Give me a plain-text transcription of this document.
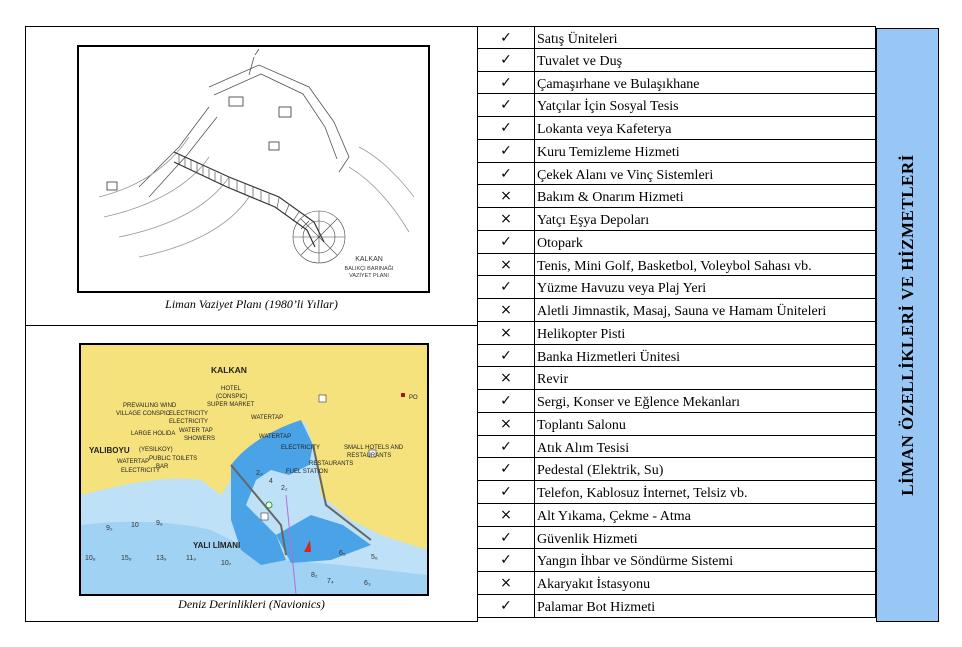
KALKAN
BALIKÇI BARINAĞI
VAZİYET PLANI
Liman Vaziyet Planı (1980’li Yıllar)
9₂	10 9₉
15₈	13₉	11₉
10₈
10₇
6₅
5₆
7₄	6₃
2₃
4
2₂
8₂
KALKAN
HOTEL
(CONSPIC)
SUPER MARKET
PO
PREVAILING WIND
VILLAGE CONSPIC
ELECTRICITY
ELECTRICITY
WATERTAP
LARGE HOLIDA WATER TAP
SHOWERS	WATERTAP
ELECTRICITY	SMALL HOTELS AND
RESTAURANTS
YALIBOYU (YESILKOY)
WATERTAP PUBLIC TOILETS
BAR
ELECTRICITY
RESTAURANTS
FUEL STATION
YALI LİMANI
Deniz Derinlikleri (Navionics)
✓	Satış Üniteleri
✓	Tuvalet ve Duş
✓	Çamaşırhane ve Bulaşıkhane
✓	Yatçılar İçin Sosyal Tesis
✓	Lokanta veya Kafeterya
✓	Kuru Temizleme Hizmeti
✓	Çekek Alanı ve Vinç Sistemleri
×	Bakım & Onarım Hizmeti
×	Yatçı Eşya Depoları
✓	Otopark
×	Tenis, Mini Golf, Basketbol, Voleybol Sahası vb.
✓	Yüzme Havuzu veya Plaj Yeri
×	Aletli Jimnastik, Masaj, Sauna ve Hamam Üniteleri
×	Helikopter Pisti
✓	Banka Hizmetleri Ünitesi
×	Revir
✓	Sergi, Konser ve Eğlence Mekanları
×	Toplantı Salonu
✓	Atık Alım Tesisi
✓	Pedestal (Elektrik, Su)
✓	Telefon, Kablosuz İnternet, Telsiz vb.
×	Alt Yıkama, Çekme - Atma
✓	Güvenlik Hizmeti
✓	Yangın İhbar ve Söndürme Sistemi
×	Akaryakıt İstasyonu
✓	Palamar Bot Hizmeti
LİMAN ÖZELLİKLERİ VE HİZMETLERİ
